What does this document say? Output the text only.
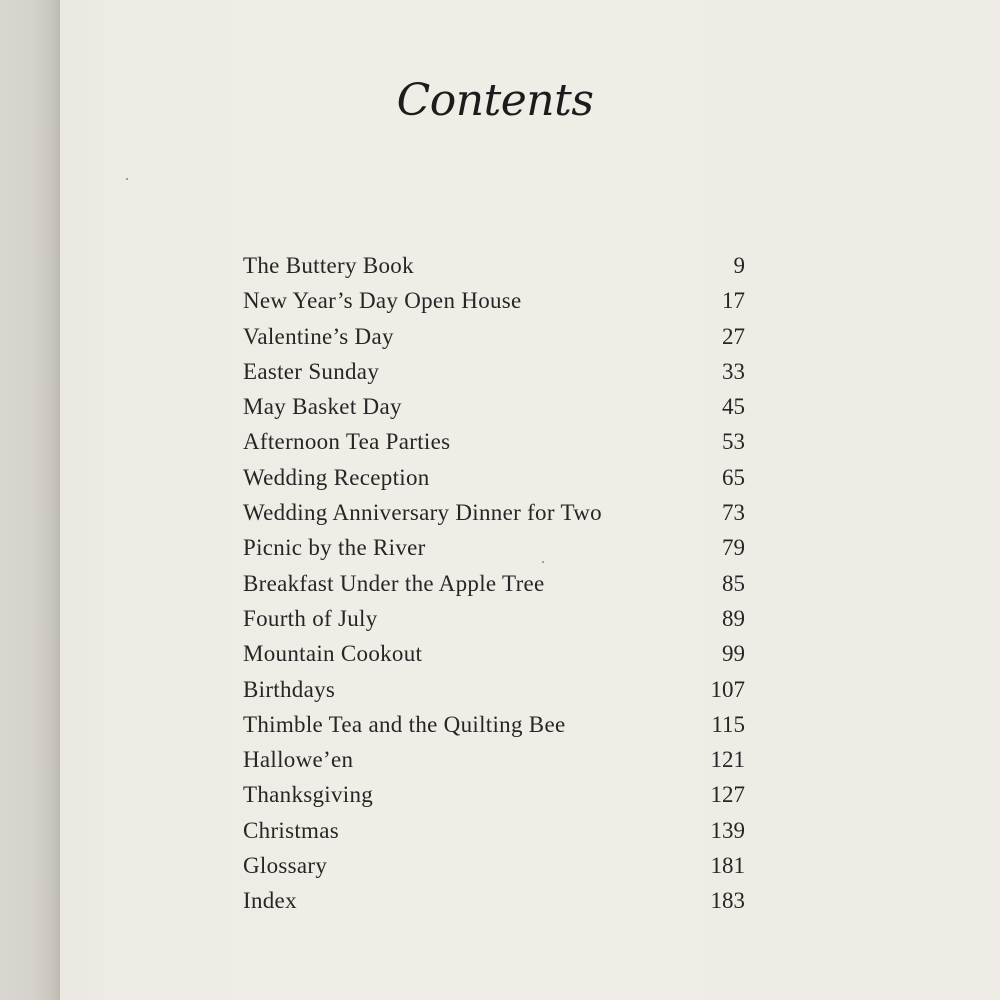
Contents
The Buttery Book	9
New Year’s Day Open House	17
Valentine’s Day	27
Easter Sunday	33
May Basket Day	45
Afternoon Tea Parties	53
Wedding Reception	65
Wedding Anniversary Dinner for Two	73
Picnic by the River	79
Breakfast Under the Apple Tree	85
Fourth of July	89
Mountain Cookout	99
Birthdays	107
Thimble Tea and the Quilting Bee	115
Hallowe’en	121
Thanksgiving	127
Christmas	139
Glossary	181
Index	183
